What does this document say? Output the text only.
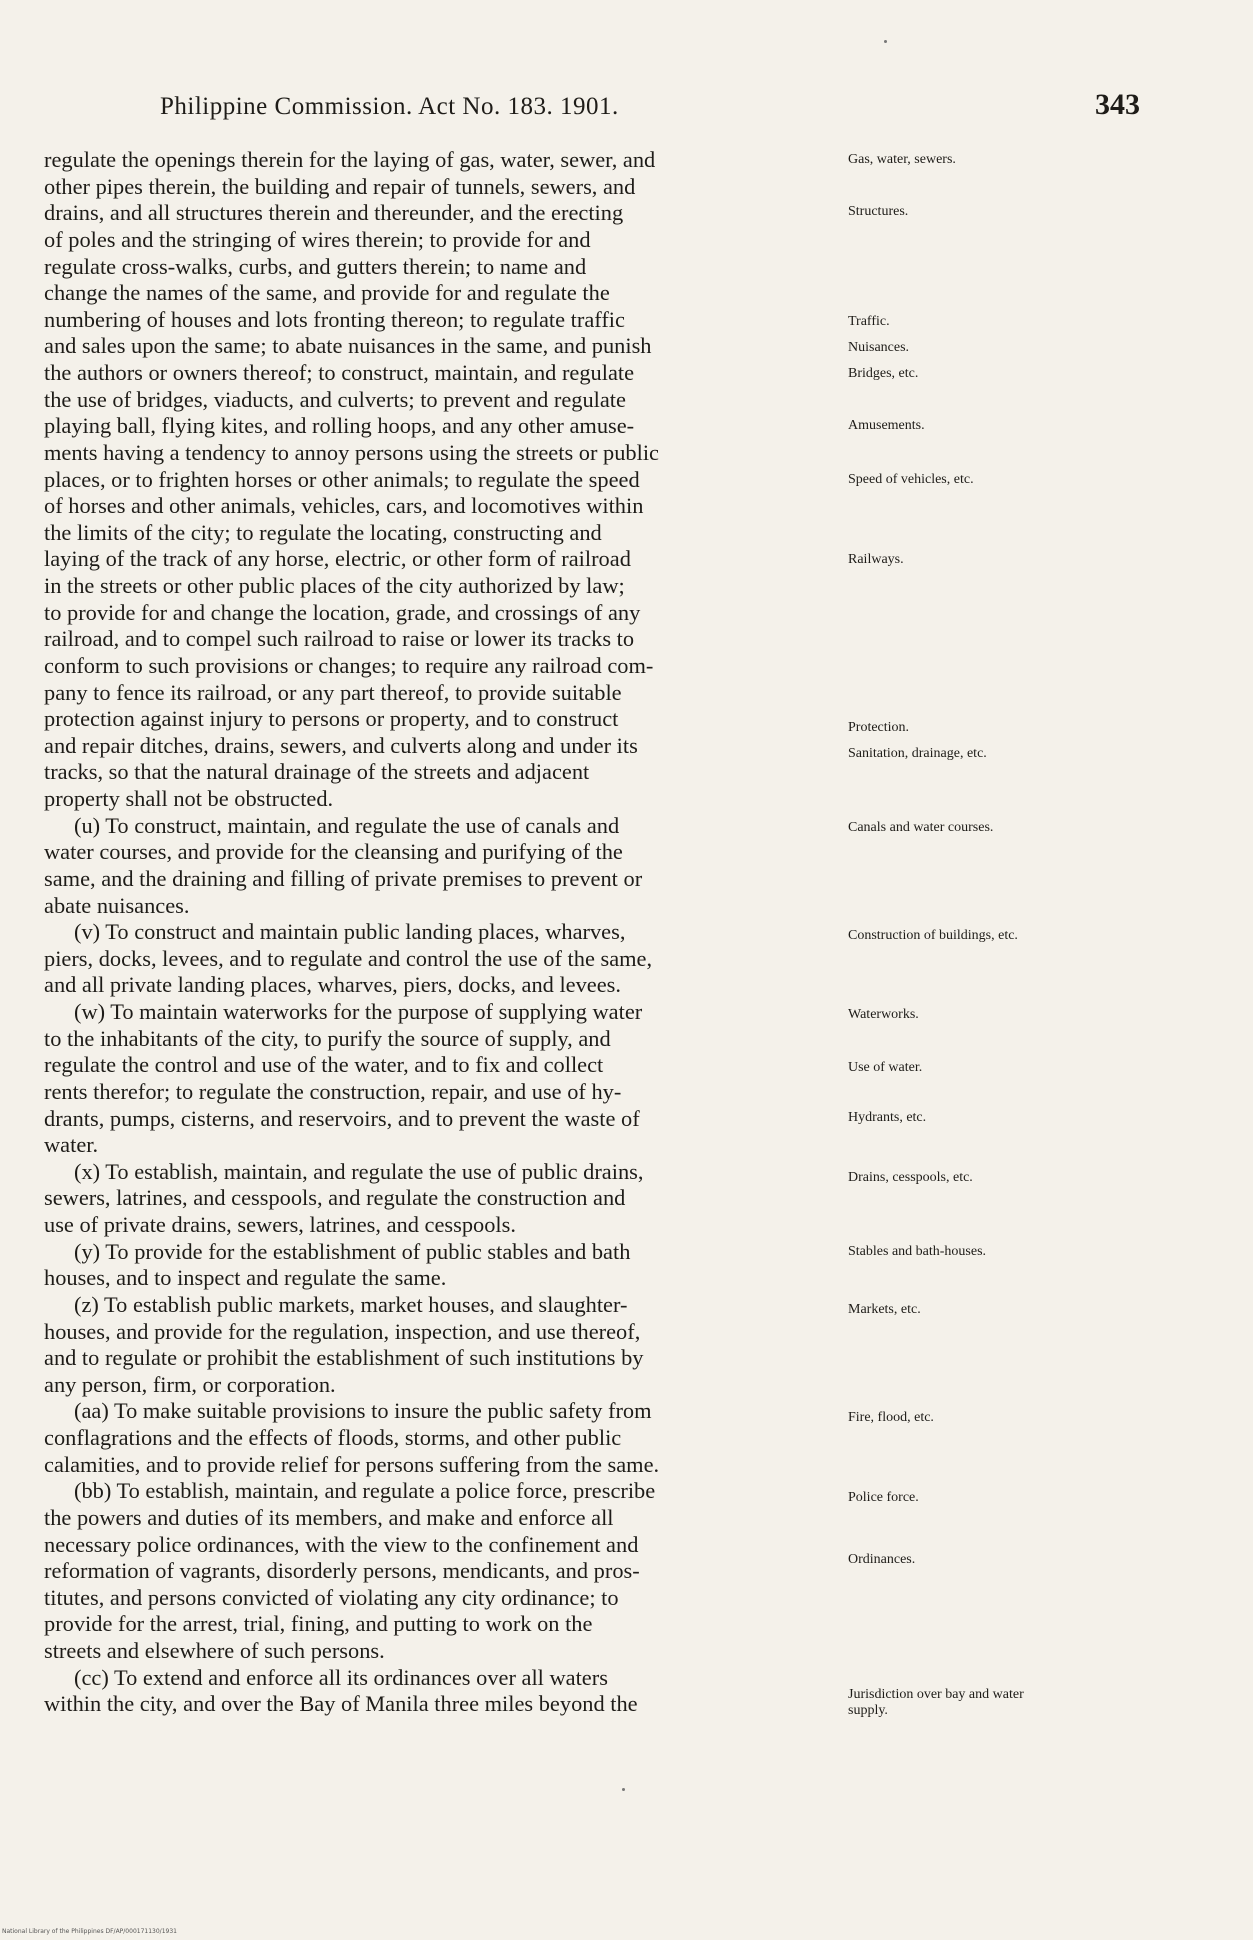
Philippine Commission. Act No. 183. 1901.	343

regulate the openings therein for the laying of gas, water, sewer, and

other pipes therein, the building and repair of tunnels, sewers, and

drains, and all structures therein and thereunder, and the erecting

of poles and the stringing of wires therein; to provide for and

regulate cross-walks, curbs, and gutters therein; to name and

change the names of the same, and provide for and regulate the

numbering of houses and lots fronting thereon; to regulate traffic

and sales upon the same; to abate nuisances in the same, and punish

the authors or owners thereof; to construct, maintain, and regulate

the use of bridges, viaducts, and culverts; to prevent and regulate

playing ball, flying kites, and rolling hoops, and any other amuse-

ments having a tendency to annoy persons using the streets or public

places, or to frighten horses or other animals; to regulate the speed

of horses and other animals, vehicles, cars, and locomotives within

the limits of the city; to regulate the locating, constructing and

laying of the track of any horse, electric, or other form of railroad

in the streets or other public places of the city authorized by law;

to provide for and change the location, grade, and crossings of any

railroad, and to compel such railroad to raise or lower its tracks to

conform to such provisions or changes; to require any railroad com-

pany to fence its railroad, or any part thereof, to provide suitable

protection against injury to persons or property, and to construct

and repair ditches, drains, sewers, and culverts along and under its

tracks, so that the natural drainage of the streets and adjacent

property shall not be obstructed.

(u) To construct, maintain, and regulate the use of canals and

water courses, and provide for the cleansing and purifying of the

same, and the draining and filling of private premises to prevent or

abate nuisances.

(v) To construct and maintain public landing places, wharves,

piers, docks, levees, and to regulate and control the use of the same,

and all private landing places, wharves, piers, docks, and levees.

(w) To maintain waterworks for the purpose of supplying water

to the inhabitants of the city, to purify the source of supply, and

regulate the control and use of the water, and to fix and collect

rents therefor; to regulate the construction, repair, and use of hy-

drants, pumps, cisterns, and reservoirs, and to prevent the waste of

water.

(x) To establish, maintain, and regulate the use of public drains,

sewers, latrines, and cesspools, and regulate the construction and

use of private drains, sewers, latrines, and cesspools.

(y) To provide for the establishment of public stables and bath

houses, and to inspect and regulate the same.

(z) To establish public markets, market houses, and slaughter-

houses, and provide for the regulation, inspection, and use thereof,

and to regulate or prohibit the establishment of such institutions by

any person, firm, or corporation.

(aa) To make suitable provisions to insure the public safety from

conflagrations and the effects of floods, storms, and other public

calamities, and to provide relief for persons suffering from the same.

(bb) To establish, maintain, and regulate a police force, prescribe

the powers and duties of its members, and make and enforce all

necessary police ordinances, with the view to the confinement and

reformation of vagrants, disorderly persons, mendicants, and pros-

titutes, and persons convicted of violating any city ordinance; to

provide for the arrest, trial, fining, and putting to work on the

streets and elsewhere of such persons.

(cc) To extend and enforce all its ordinances over all waters

within the city, and over the Bay of Manila three miles beyond the

Gas, water, sewers.
Structures.
Traffic.
Nuisances.
Bridges, etc.
Amusements.
Speed of vehicles, etc.
Railways.
Protection.
Sanitation, drainage, etc.
Canals and water courses.
Construction of buildings, etc.
Waterworks.
Use of water.
Hydrants, etc.
Drains, cesspools, etc.
Stables and bath-houses.
Markets, etc.
Fire, flood, etc.
Police force.
Ordinances.
Jurisdiction over bay and water supply.
National Library of the Philippines DF/AP/000171130/1931
